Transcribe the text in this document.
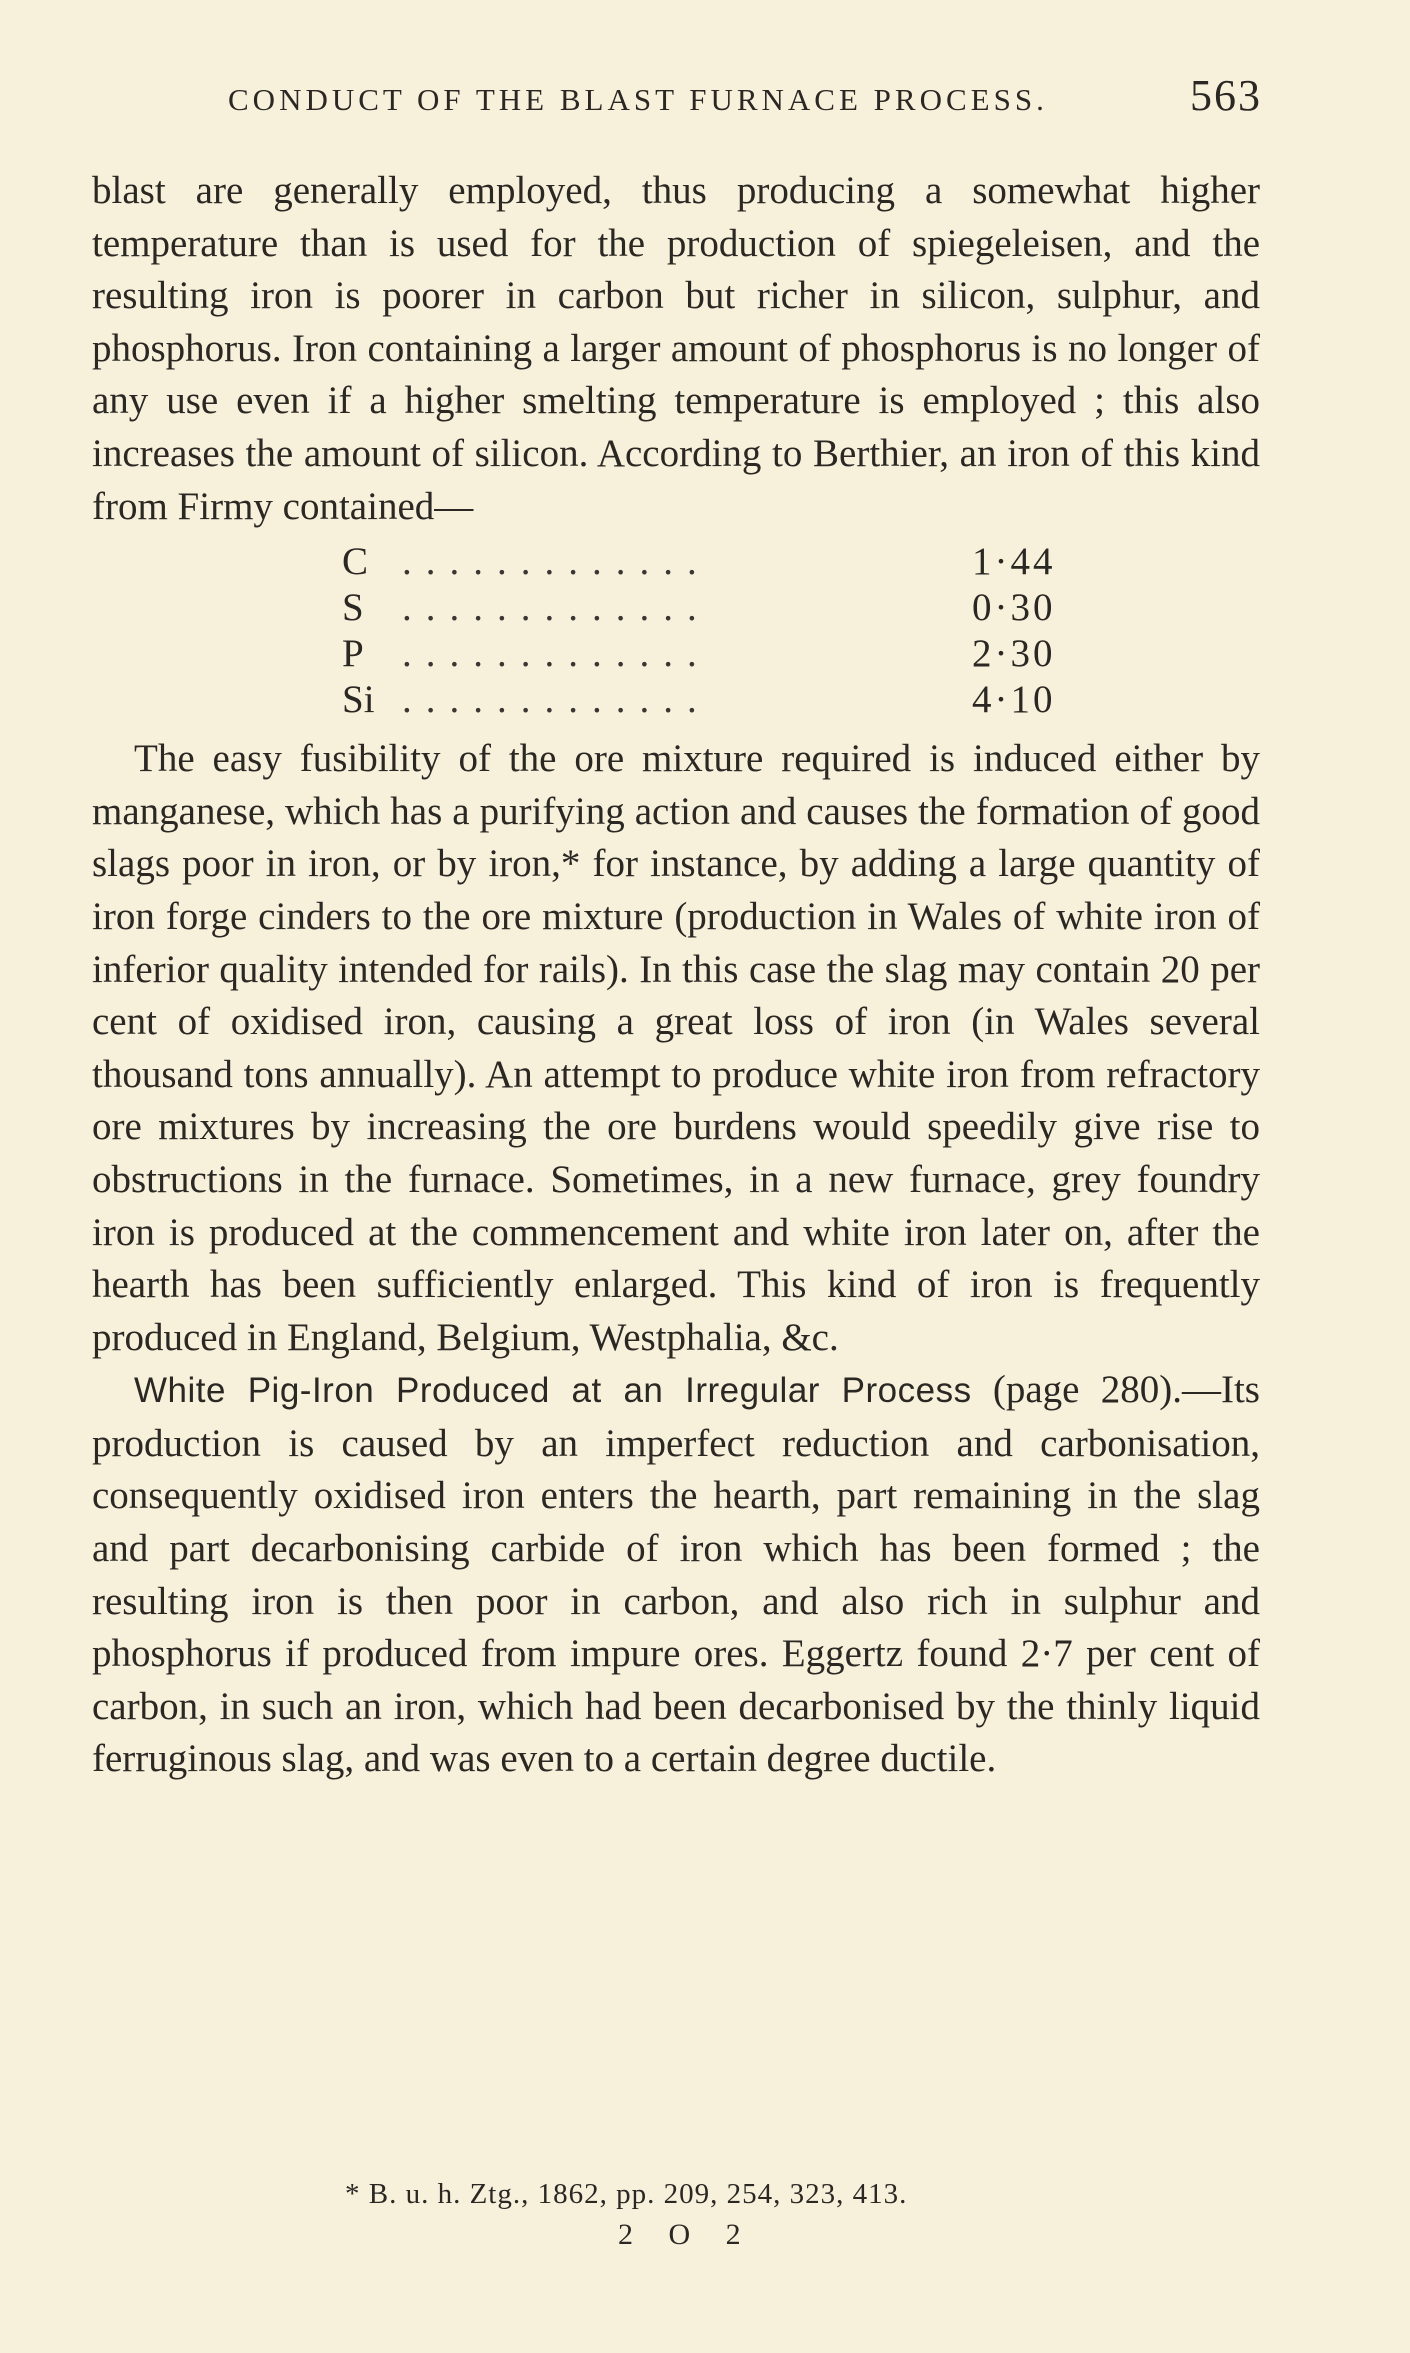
CONDUCT OF THE BLAST FURNACE PROCESS.	563

blast are generally employed, thus producing a somewhat higher temperature than is used for the production of spiegeleisen, and the resulting iron is poorer in carbon but richer in silicon, sulphur, and phosphorus. Iron containing a larger amount of phosphorus is no longer of any use even if a higher smelting temperature is employed ; this also increases the amount of silicon. According to Berthier, an iron of this kind from Firmy contained—

C .............	1·44
S .............	0·30
P .............	2·30
Si .............	4·10

The easy fusibility of the ore mixture required is induced either by manganese, which has a purifying action and causes the formation of good slags poor in iron, or by iron,* for instance, by adding a large quantity of iron forge cinders to the ore mixture (production in Wales of white iron of inferior quality intended for rails). In this case the slag may contain 20 per cent of oxidised iron, causing a great loss of iron (in Wales several thousand tons annually). An attempt to produce white iron from refractory ore mixtures by increasing the ore burdens would speedily give rise to obstructions in the furnace. Sometimes, in a new furnace, grey foundry iron is produced at the commencement and white iron later on, after the hearth has been sufficiently enlarged. This kind of iron is frequently produced in England, Belgium, Westphalia, &c.

White Pig-Iron Produced at an Irregular Process (page 280).—Its production is caused by an imperfect reduction and carbonisation, consequently oxidised iron enters the hearth, part remaining in the slag and part decarbonising carbide of iron which has been formed ; the resulting iron is then poor in carbon, and also rich in sulphur and phosphorus if produced from impure ores. Eggertz found 2·7 per cent of carbon, in such an iron, which had been decarbonised by the thinly liquid ferruginous slag, and was even to a certain degree ductile.

* B. u. h. Ztg., 1862, pp. 209, 254, 323, 413.
2 O 2
